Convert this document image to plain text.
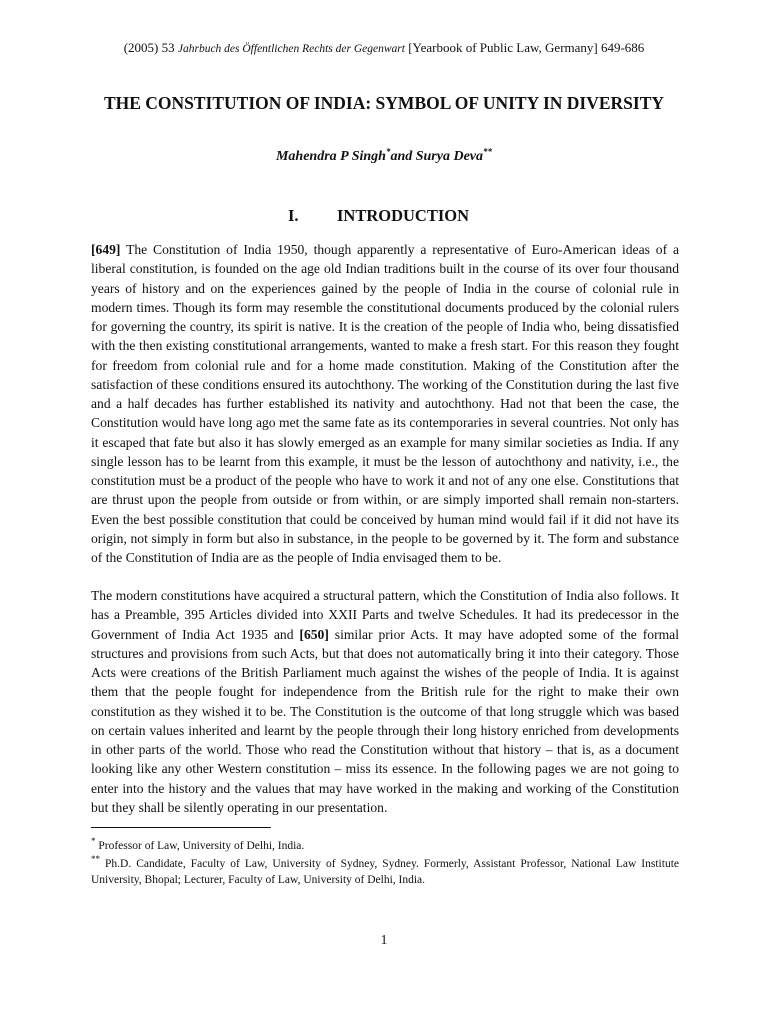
(2005) 53 Jahrbuch des Öffentlichen Rechts der Gegenwart [Yearbook of Public Law, Germany] 649-686
THE CONSTITUTION OF INDIA: SYMBOL OF UNITY IN DIVERSITY
Mahendra P Singh*and Surya Deva**
I. INTRODUCTION

[649] The Constitution of India 1950, though apparently a representative of Euro-American ideas of a liberal constitution, is founded on the age old Indian traditions built in the course of its over four thousand years of history and on the experiences gained by the people of India in the course of colonial rule in modern times. Though its form may resemble the constitutional documents produced by the colonial rulers for governing the country, its spirit is native. It is the creation of the people of India who, being dissatisfied with the then existing constitutional arrangements, wanted to make a fresh start. For this reason they fought for freedom from colonial rule and for a home made constitution. Making of the Constitution after the satisfaction of these conditions ensured its autochthony. The working of the Constitution during the last five and a half decades has further established its nativity and autochthony. Had not that been the case, the Constitution would have long ago met the same fate as its contemporaries in several countries. Not only has it escaped that fate but also it has slowly emerged as an example for many similar societies as India. If any single lesson has to be learnt from this example, it must be the lesson of autochthony and nativity, i.e., the constitution must be a product of the people who have to work it and not of any one else. Constitutions that are thrust upon the people from outside or from within, or are simply imported shall remain non-starters. Even the best possible constitution that could be conceived by human mind would fail if it did not have its origin, not simply in form but also in substance, in the people to be governed by it. The form and substance of the Constitution of India are as the people of India envisaged them to be.

The modern constitutions have acquired a structural pattern, which the Constitution of India also follows. It has a Preamble, 395 Articles divided into XXII Parts and twelve Schedules. It had its predecessor in the Government of India Act 1935 and [650] similar prior Acts. It may have adopted some of the formal structures and provisions from such Acts, but that does not automatically bring it into their category. Those Acts were creations of the British Parliament much against the wishes of the people of India. It is against them that the people fought for independence from the British rule for the right to make their own constitution as they wished it to be. The Constitution is the outcome of that long struggle which was based on certain values inherited and learnt by the people through their long history enriched from developments in other parts of the world. Those who read the Constitution without that history – that is, as a document looking like any other Western constitution – miss its essence. In the following pages we are not going to enter into the history and the values that may have worked in the making and working of the Constitution but they shall be silently operating in our presentation.

* Professor of Law, University of Delhi, India.

** Ph.D. Candidate, Faculty of Law, University of Sydney, Sydney. Formerly, Assistant Professor, National Law Institute University, Bhopal; Lecturer, Faculty of Law, University of Delhi, India.

1
